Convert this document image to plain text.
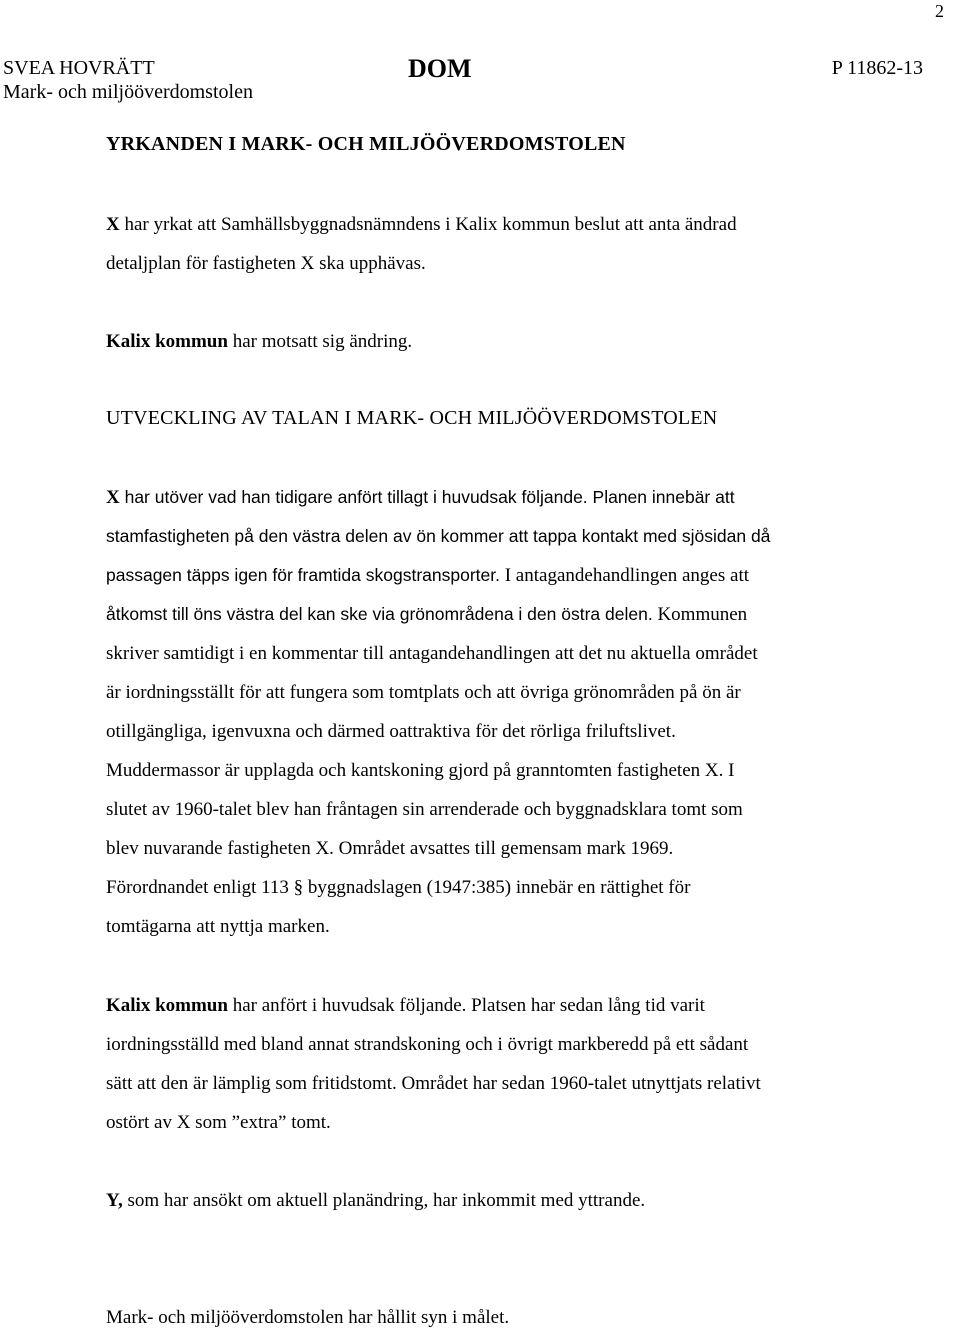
2
SVEA HOVRÄTT
Mark- och miljööverdomstolen
DOM	P 11862-13
YRKANDEN I MARK- OCH MILJÖÖVERDOMSTOLEN
X har yrkat att Samhällsbyggnadsnämndens i Kalix kommun beslut att anta ändrad
detaljplan för fastigheten X ska upphävas.
Kalix kommun har motsatt sig ändring.
UTVECKLING AV TALAN I MARK- OCH MILJÖÖVERDOMSTOLEN
X har utöver vad han tidigare anfört tillagt i huvudsak följande. Planen innebär att
stamfastigheten på den västra delen av ön kommer att tappa kontakt med sjösidan då
passagen täpps igen för framtida skogstransporter. I antagandehandlingen anges att
åtkomst till öns västra del kan ske via grönområdena i den östra delen. Kommunen
skriver samtidigt i en kommentar till antagandehandlingen att det nu aktuella området
är iordningsställt för att fungera som tomtplats och att övriga grönområden på ön är
otillgängliga, igenvuxna och därmed oattraktiva för det rörliga friluftslivet.
Muddermassor är upplagda och kantskoning gjord på granntomten fastigheten X. I
slutet av 1960-talet blev han fråntagen sin arrenderade och byggnadsklara tomt som
blev nuvarande fastigheten X. Området avsattes till gemensam mark 1969.
Förordnandet enligt 113 § byggnadslagen (1947:385) innebär en rättighet för
tomtägarna att nyttja marken.
Kalix kommun har anfört i huvudsak följande. Platsen har sedan lång tid varit
iordningsställd med bland annat strandskoning och i övrigt markberedd på ett sådant
sätt att den är lämplig som fritidstomt. Området har sedan 1960-talet utnyttjats relativt
ostört av X som ”extra” tomt.
Y, som har ansökt om aktuell planändring, har inkommit med yttrande.
Mark- och miljööverdomstolen har hållit syn i målet.
